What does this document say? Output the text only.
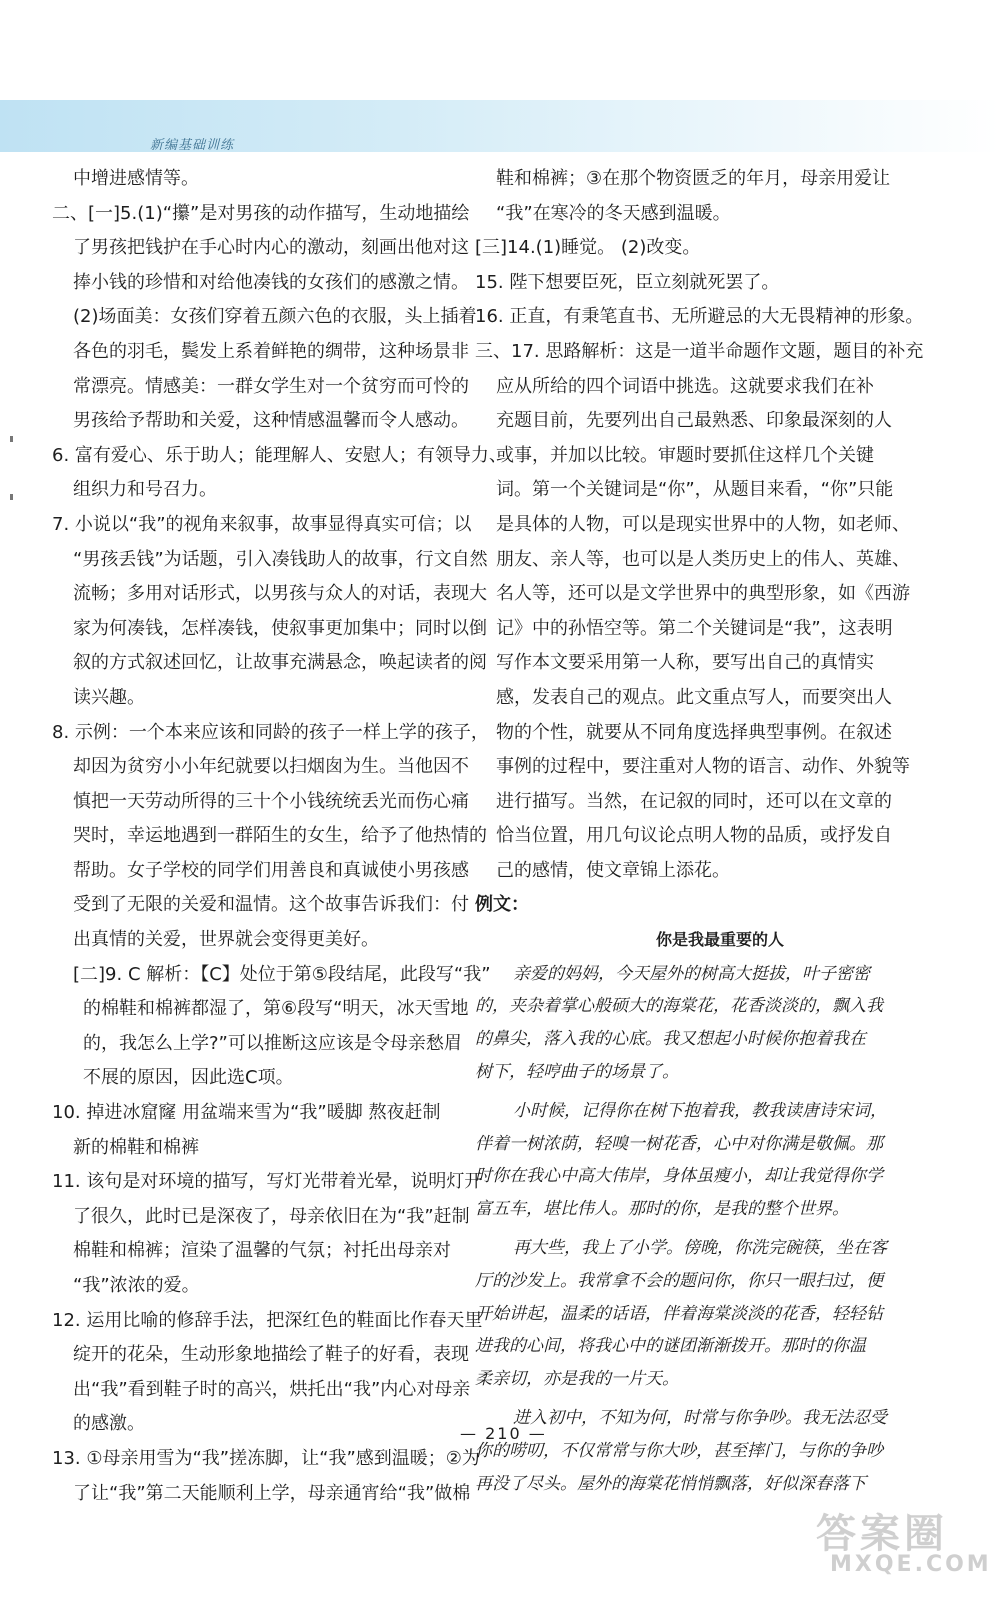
新编基础训练
中增进感情等。
二、[一]5.(1)“攥”是对男孩的动作描写，生动地描绘
了男孩把钱护在手心时内心的激动，刻画出他对这
捧小钱的珍惜和对给他凑钱的女孩们的感激之情。
(2)场面美：女孩们穿着五颜六色的衣服，头上插着
各色的羽毛，鬓发上系着鲜艳的绸带，这种场景非
常漂亮。情感美：一群女学生对一个贫穷而可怜的
男孩给予帮助和关爱，这种情感温馨而令人感动。
6. 富有爱心、乐于助人；能理解人、安慰人；有领导力、
组织力和号召力。
7. 小说以“我”的视角来叙事，故事显得真实可信；以
“男孩丢钱”为话题，引入凑钱助人的故事，行文自然
流畅；多用对话形式，以男孩与众人的对话，表现大
家为何凑钱，怎样凑钱，使叙事更加集中；同时以倒
叙的方式叙述回忆，让故事充满悬念，唤起读者的阅
读兴趣。
8. 示例：一个本来应该和同龄的孩子一样上学的孩子，
却因为贫穷小小年纪就要以扫烟囱为生。当他因不
慎把一天劳动所得的三十个小钱统统丢光而伤心痛
哭时，幸运地遇到一群陌生的女生，给予了他热情的
帮助。女子学校的同学们用善良和真诚使小男孩感
受到了无限的关爱和温情。这个故事告诉我们：付
出真情的关爱，世界就会变得更美好。
[二]9. C 解析：【C】处位于第⑤段结尾，此段写“我”
的棉鞋和棉裤都湿了，第⑥段写“明天，冰天雪地
的，我怎么上学?”可以推断这应该是令母亲愁眉
不展的原因，因此选C项。
10. 掉进冰窟窿 用盆端来雪为“我”暖脚 熬夜赶制
新的棉鞋和棉裤
11. 该句是对环境的描写，写灯光带着光晕，说明灯开
了很久，此时已是深夜了，母亲依旧在为“我”赶制
棉鞋和棉裤；渲染了温馨的气氛；衬托出母亲对
“我”浓浓的爱。
12. 运用比喻的修辞手法，把深红色的鞋面比作春天里
绽开的花朵，生动形象地描绘了鞋子的好看，表现
出“我”看到鞋子时的高兴，烘托出“我”内心对母亲
的感激。
13. ①母亲用雪为“我”搓冻脚，让“我”感到温暖；②为
了让“我”第二天能顺利上学，母亲通宵给“我”做棉
鞋和棉裤；③在那个物资匮乏的年月，母亲用爱让
“我”在寒冷的冬天感到温暖。
[三]14.(1)睡觉。 (2)改变。
15. 陛下想要臣死，臣立刻就死罢了。
16. 正直，有秉笔直书、无所避忌的大无畏精神的形象。
三、17. 思路解析：这是一道半命题作文题，题目的补充
应从所给的四个词语中挑选。这就要求我们在补
充题目前，先要列出自己最熟悉、印象最深刻的人
或事，并加以比较。审题时要抓住这样几个关键
词。第一个关键词是“你”，从题目来看，“你”只能
是具体的人物，可以是现实世界中的人物，如老师、
朋友、亲人等，也可以是人类历史上的伟人、英雄、
名人等，还可以是文学世界中的典型形象，如《西游
记》中的孙悟空等。第二个关键词是“我”，这表明
写作本文要采用第一人称，要写出自己的真情实
感，发表自己的观点。此文重点写人，而要突出人
物的个性，就要从不同角度选择典型事例。在叙述
事例的过程中，要注重对人物的语言、动作、外貌等
进行描写。当然，在记叙的同时，还可以在文章的
恰当位置，用几句议论点明人物的品质，或抒发自
己的感情，使文章锦上添花。
例文：
你是我最重要的人
亲爱的妈妈，今天屋外的树高大挺拔，叶子密密
的，夹杂着掌心般硕大的海棠花，花香淡淡的，飘入我
的鼻尖，落入我的心底。我又想起小时候你抱着我在
树下，轻哼曲子的场景了。
小时候，记得你在树下抱着我，教我读唐诗宋词，
伴着一树浓荫，轻嗅一树花香，心中对你满是敬佩。那
时你在我心中高大伟岸，身体虽瘦小，却让我觉得你学
富五车，堪比伟人。那时的你，是我的整个世界。
再大些，我上了小学。傍晚，你洗完碗筷，坐在客
厅的沙发上。我常拿不会的题问你，你只一眼扫过，便
开始讲起，温柔的话语，伴着海棠淡淡的花香，轻轻钻
进我的心间，将我心中的谜团渐渐拨开。那时的你温
柔亲切，亦是我的一片天。
进入初中，不知为何，时常与你争吵。我无法忍受
你的唠叨，不仅常常与你大吵，甚至摔门，与你的争吵
再没了尽头。屋外的海棠花悄悄飘落，好似深春落下
— 210 —
答案圈
MXQE.COM
